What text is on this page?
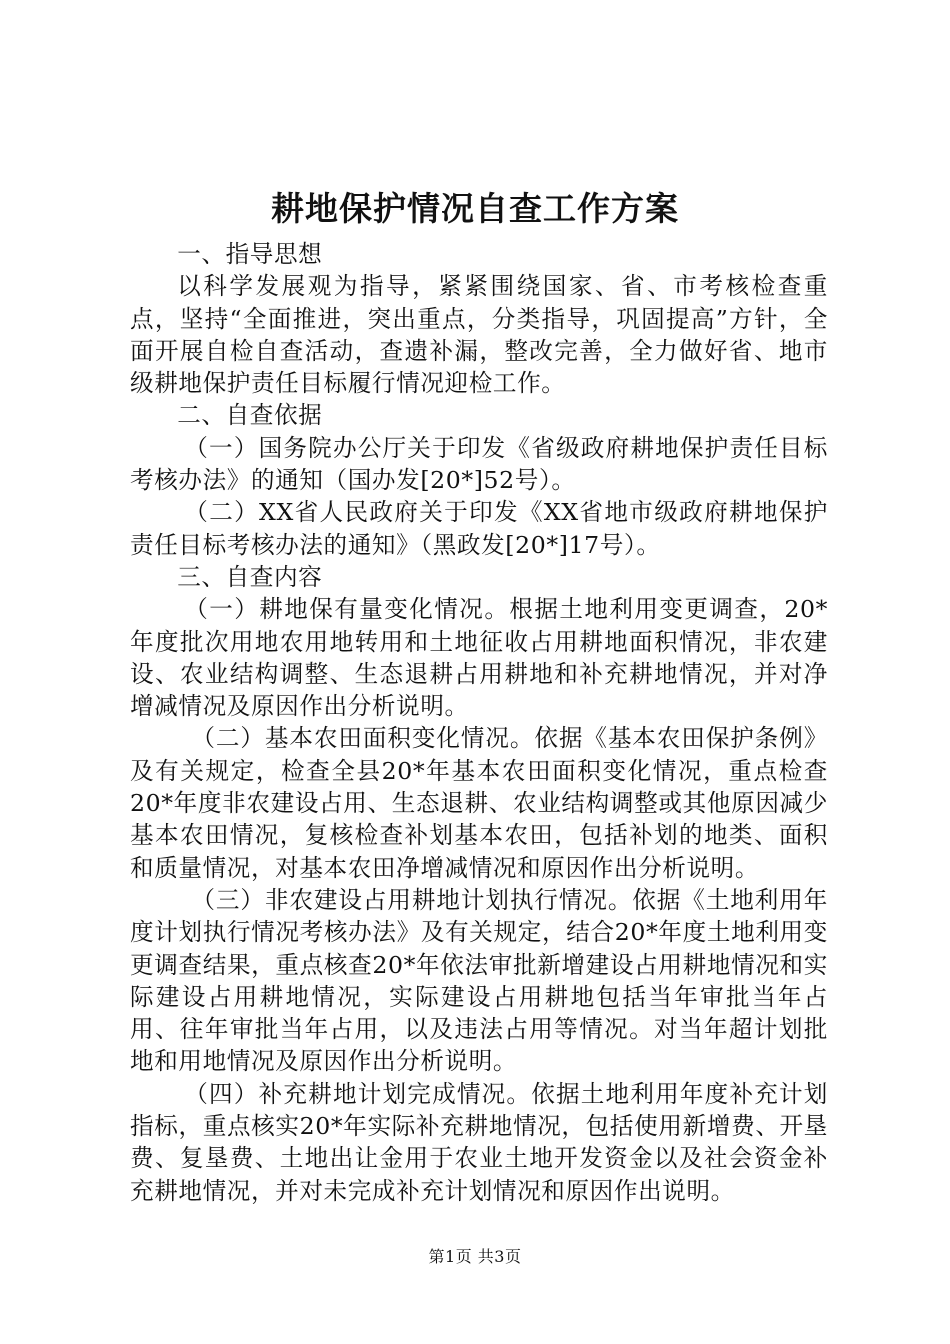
耕地保护情况自查工作方案

一、指导思想

以科学发展观为指导，紧紧围绕国家、省、市考核检查重点，坚持“全面推进，突出重点，分类指导，巩固提高”方针，全面开展自检自查活动，查遗补漏，整改完善，全力做好省、地市级耕地保护责任目标履行情况迎检工作。

二、自查依据

（一）国务院办公厅关于印发《省级政府耕地保护责任目标考核办法》的通知（国办发[20*]52号）。

（二）XX省人民政府关于印发《XX省地市级政府耕地保护责任目标考核办法的通知》（黑政发[20*]17号）。

三、自查内容

（一）耕地保有量变化情况。根据土地利用变更调查，20*年度批次用地农用地转用和土地征收占用耕地面积情况，非农建设、农业结构调整、生态退耕占用耕地和补充耕地情况，并对净增减情况及原因作出分析说明。

（二）基本农田面积变化情况。依据《基本农田保护条例》及有关规定，检查全县20*年基本农田面积变化情况，重点检查20*年度非农建设占用、生态退耕、农业结构调整或其他原因减少基本农田情况，复核检查补划基本农田，包括补划的地类、面积和质量情况，对基本农田净增减情况和原因作出分析说明。

（三）非农建设占用耕地计划执行情况。依据《土地利用年度计划执行情况考核办法》及有关规定，结合20*年度土地利用变更调查结果，重点核查20*年依法审批新增建设占用耕地情况和实际建设占用耕地情况，实际建设占用耕地包括当年审批当年占用、往年审批当年占用，以及违法占用等情况。对当年超计划批地和用地情况及原因作出分析说明。

（四）补充耕地计划完成情况。依据土地利用年度补充计划指标，重点核实20*年实际补充耕地情况，包括使用新增费、开垦费、复垦费、土地出让金用于农业土地开发资金以及社会资金补充耕地情况，并对未完成补充计划情况和原因作出说明。

第1页 共3页
